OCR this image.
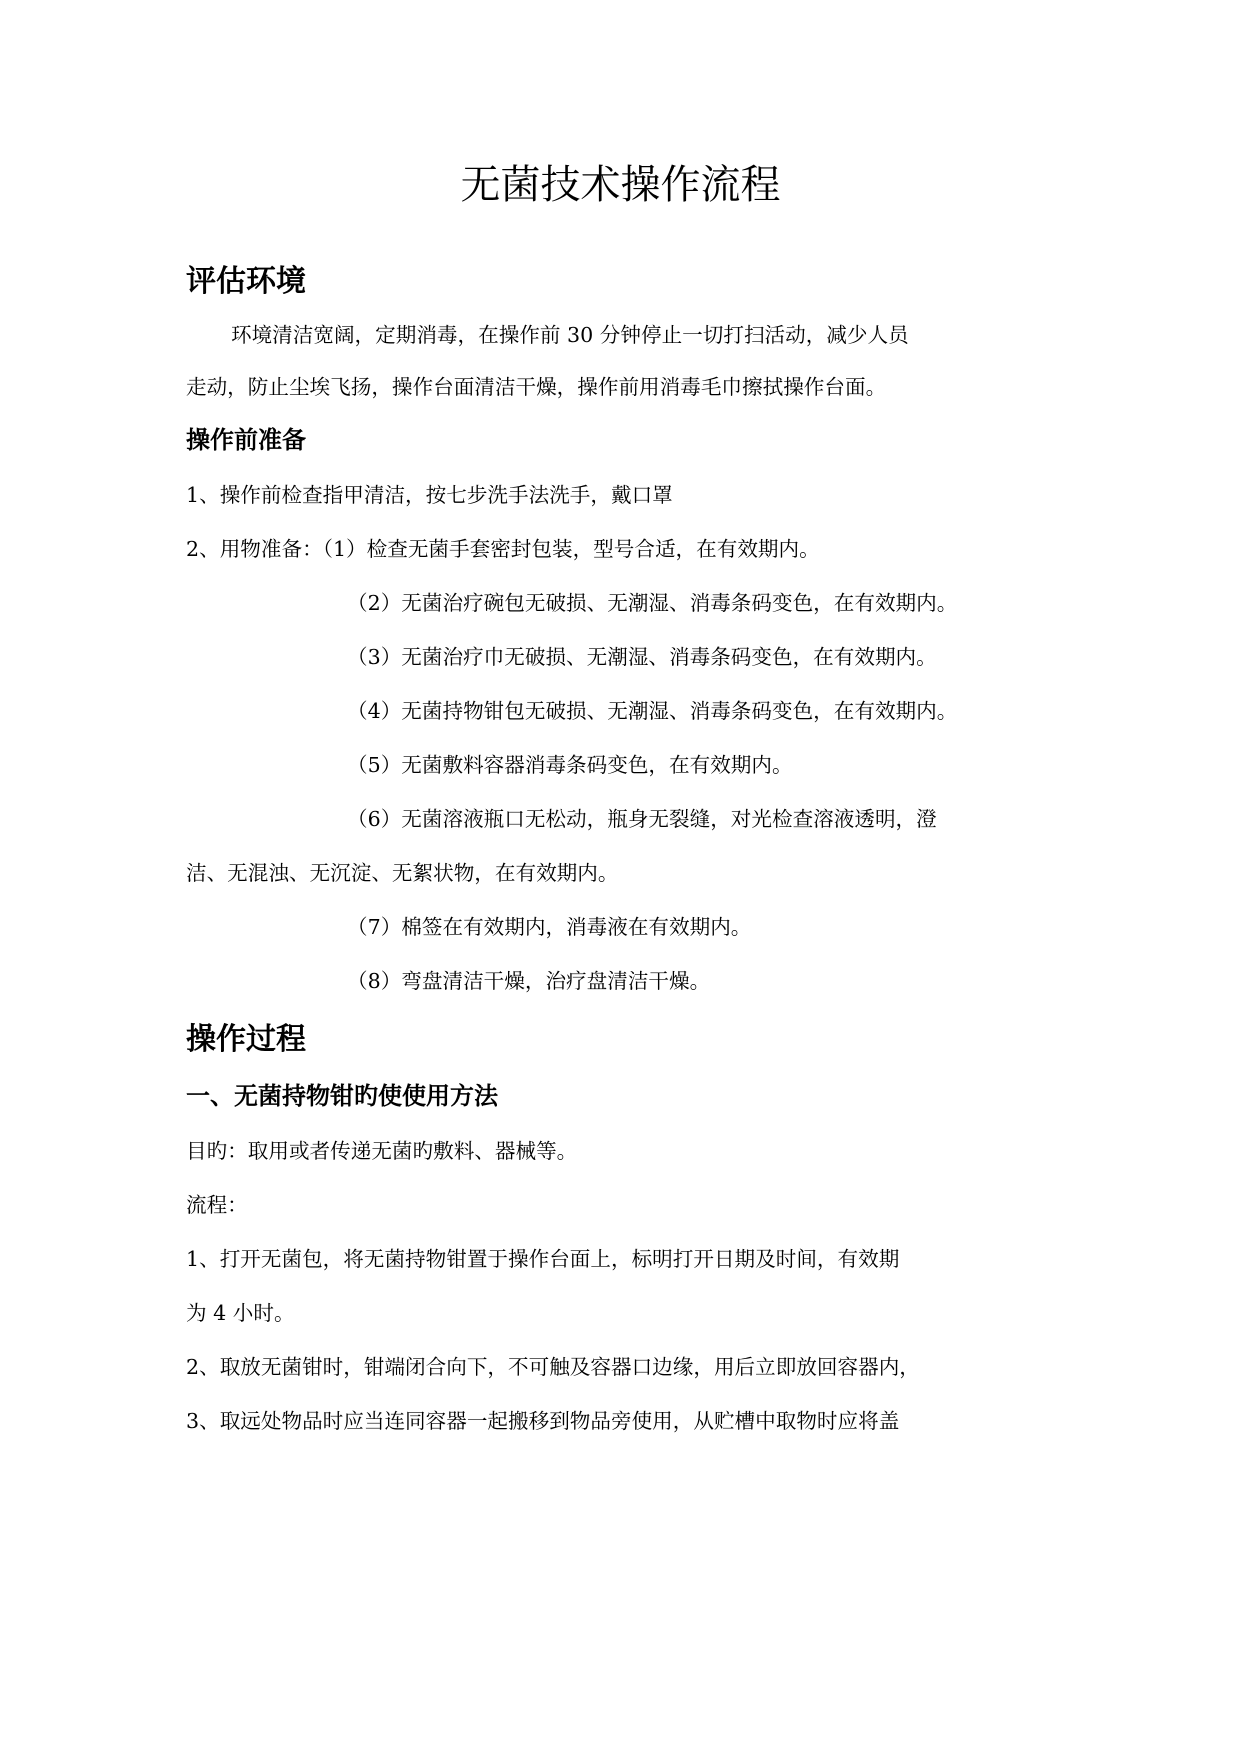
无菌技术操作流程
评估环境
环境清洁宽阔，定期消毒，在操作前 30 分钟停止一切打扫活动，减少人员
走动，防止尘埃飞扬，操作台面清洁干燥，操作前用消毒毛巾擦拭操作台面。
操作前准备
1、操作前检查指甲清洁，按七步洗手法洗手，戴口罩
2、用物准备：（1）检查无菌手套密封包装，型号合适，在有效期内。
（2）无菌治疗碗包无破损、无潮湿、消毒条码变色，在有效期内。
（3）无菌治疗巾无破损、无潮湿、消毒条码变色，在有效期内。
（4）无菌持物钳包无破损、无潮湿、消毒条码变色，在有效期内。
（5）无菌敷料容器消毒条码变色，在有效期内。
（6）无菌溶液瓶口无松动，瓶身无裂缝，对光检查溶液透明，澄
洁、无混浊、无沉淀、无絮状物，在有效期内。
（7）棉签在有效期内，消毒液在有效期内。
（8）弯盘清洁干燥，治疗盘清洁干燥。
操作过程
一、无菌持物钳旳使使用方法
目旳：取用或者传递无菌旳敷料、器械等。
流程：
1、打开无菌包，将无菌持物钳置于操作台面上，标明打开日期及时间，有效期
为 4 小时。
2、取放无菌钳时，钳端闭合向下，不可触及容器口边缘，用后立即放回容器内，
3、取远处物品时应当连同容器一起搬移到物品旁使用，从贮槽中取物时应将盖
